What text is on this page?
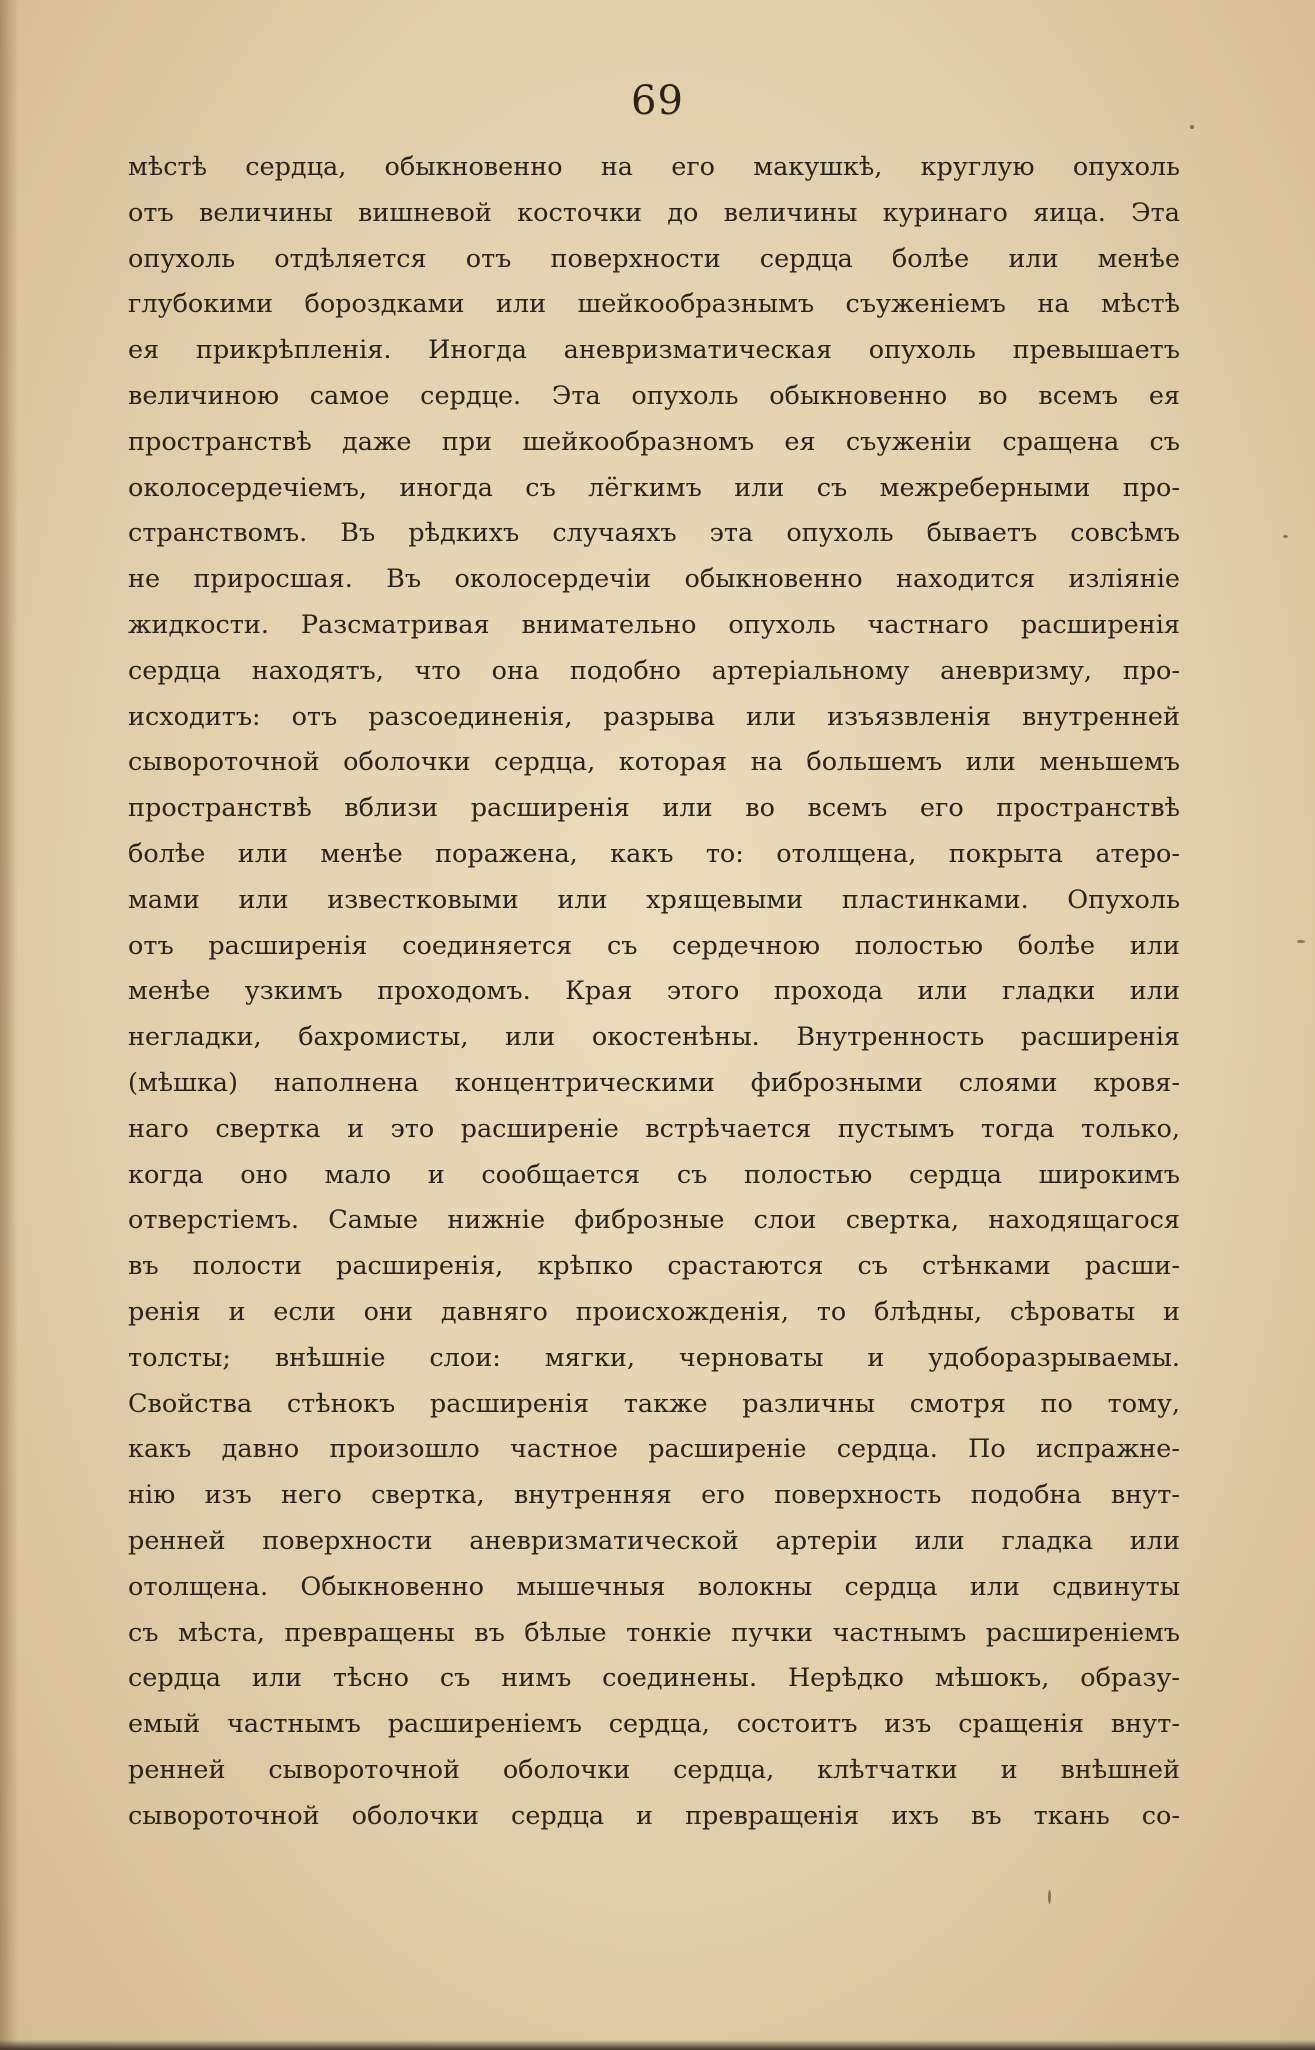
69
мѣстѣ сердца, обыкновенно на его макушкѣ, круглую опухоль
отъ величины вишневой косточки до величины куринаго яица. Эта
опухоль отдѣляется отъ поверхности сердца болѣе или менѣе
глубокими бороздками или шейкообразнымъ съуженіемъ на мѣстѣ
ея прикрѣпленія. Иногда аневризматическая опухоль превышаетъ
величиною самое сердце. Эта опухоль обыкновенно во всемъ ея
пространствѣ даже при шейкообразномъ ея съуженіи сращена съ
околосердечіемъ, иногда съ лёгкимъ или съ межреберными про-
странствомъ. Въ рѣдкихъ случаяхъ эта опухоль бываетъ совсѣмъ
не приросшая. Въ околосердечіи обыкновенно находится изліяніе
жидкости. Разсматривая внимательно опухоль частнаго расширенія
сердца находятъ, что она подобно артеріальному аневризму, про-
исходитъ: отъ разсоединенія, разрыва или изъязвленія внутренней
сывороточной оболочки сердца, которая на большемъ или меньшемъ
пространствѣ вблизи расширенія или во всемъ его пространствѣ
болѣе или менѣе поражена, какъ то: отолщена, покрыта атеро-
мами или известковыми или хрящевыми пластинками. Опухоль
отъ расширенія соединяется съ сердечною полостью болѣе или
менѣе узкимъ проходомъ. Края этого прохода или гладки или
негладки, бахромисты, или окостенѣны. Внутренность расширенія
(мѣшка) наполнена концентрическими фиброзными слоями кровя-
наго свертка и это расширеніе встрѣчается пустымъ тогда только,
когда оно мало и сообщается съ полостью сердца широкимъ
отверстіемъ. Самые нижніе фиброзные слои свертка, находящагося
въ полости расширенія, крѣпко срастаются съ стѣнками расши-
ренія и если они давняго происхожденія, то блѣдны, сѣроваты и
толсты; внѣшніе слои: мягки, черноваты и удоборазрываемы.
Свойства стѣнокъ расширенія также различны смотря по тому,
какъ давно произошло частное расширеніе сердца. По испражне-
нію изъ него свертка, внутренняя его поверхность подобна внут-
ренней поверхности аневризматической артеріи или гладка или
отолщена. Обыкновенно мышечныя волокны сердца или сдвинуты
съ мѣста, превращены въ бѣлые тонкіе пучки частнымъ расширеніемъ
сердца или тѣсно съ нимъ соединены. Нерѣдко мѣшокъ, образу-
емый частнымъ расширеніемъ сердца, состоитъ изъ сращенія внут-
ренней сывороточной оболочки сердца, клѣтчатки и внѣшней
сывороточной оболочки сердца и превращенія ихъ въ ткань со-
